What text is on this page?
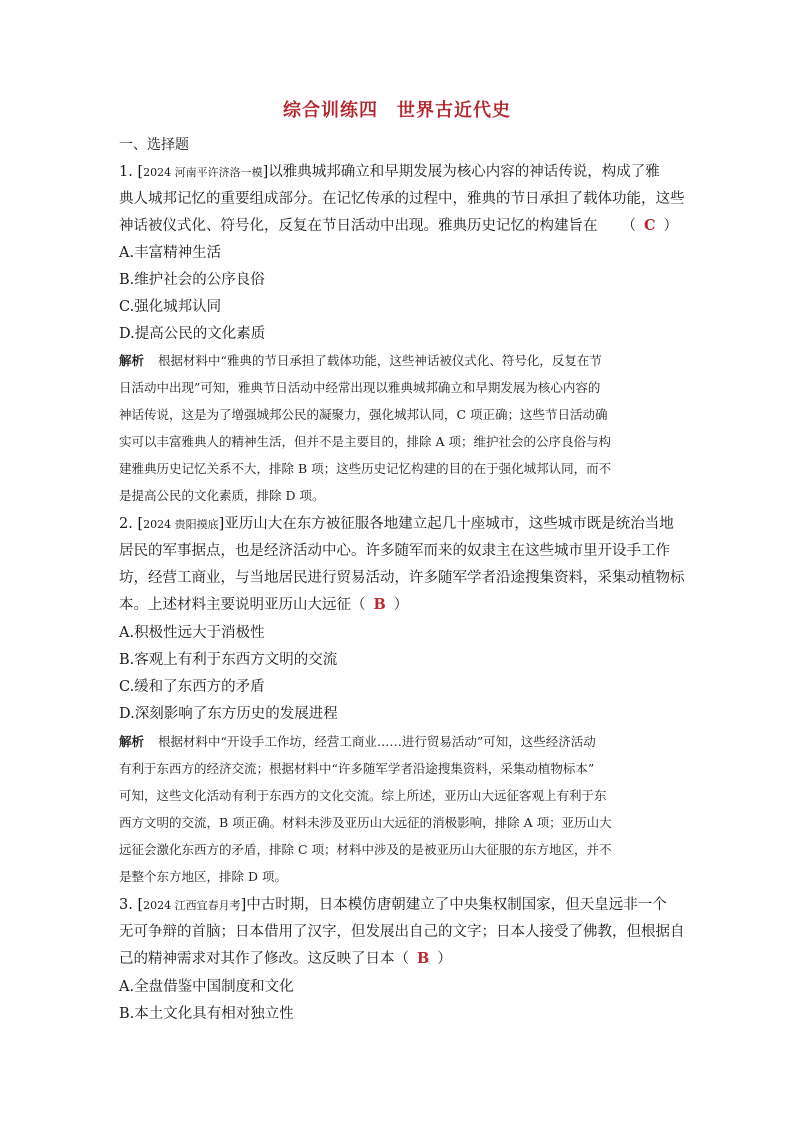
综合训练四　世界古近代史
一、选择题
1. [2024 河南平许济洛一模]以雅典城邦确立和早期发展为核心内容的神话传说，构成了雅
典人城邦记忆的重要组成部分。在记忆传承的过程中，雅典的节日承担了载体功能，这些
神话被仪式化、符号化，反复在节日活动中出现。雅典历史记忆的构建旨在 （ C ）
A.丰富精神生活
B.维护社会的公序良俗
C.强化城邦认同
D.提高公民的文化素质
解析 根据材料中“雅典的节日承担了载体功能，这些神话被仪式化、符号化，反复在节
日活动中出现”可知，雅典节日活动中经常出现以雅典城邦确立和早期发展为核心内容的
神话传说，这是为了增强城邦公民的凝聚力，强化城邦认同，C 项正确；这些节日活动确
实可以丰富雅典人的精神生活，但并不是主要目的，排除 A 项；维护社会的公序良俗与构
建雅典历史记忆关系不大，排除 B 项；这些历史记忆构建的目的在于强化城邦认同，而不
是提高公民的文化素质，排除 D 项。
2. [2024 贵阳摸底]亚历山大在东方被征服各地建立起几十座城市，这些城市既是统治当地
居民的军事据点，也是经济活动中心。许多随军而来的奴隶主在这些城市里开设手工作
坊，经营工商业，与当地居民进行贸易活动，许多随军学者沿途搜集资料，采集动植物标
本。上述材料主要说明亚历山大远征（ B ）
A.积极性远大于消极性
B.客观上有利于东西方文明的交流
C.缓和了东西方的矛盾
D.深刻影响了东方历史的发展进程
解析 根据材料中“开设手工作坊，经营工商业……进行贸易活动”可知，这些经济活动
有利于东西方的经济交流；根据材料中“许多随军学者沿途搜集资料，采集动植物标本”
可知，这些文化活动有利于东西方的文化交流。综上所述，亚历山大远征客观上有利于东
西方文明的交流，B 项正确。材料未涉及亚历山大远征的消极影响，排除 A 项；亚历山大
远征会激化东西方的矛盾，排除 C 项；材料中涉及的是被亚历山大征服的东方地区，并不
是整个东方地区，排除 D 项。
3. [2024 江西宜春月考]中古时期，日本模仿唐朝建立了中央集权制国家，但天皇远非一个
无可争辩的首脑；日本借用了汉字，但发展出自己的文字；日本人接受了佛教，但根据自
己的精神需求对其作了修改。这反映了日本（ B ）
A.全盘借鉴中国制度和文化
B.本土文化具有相对独立性
